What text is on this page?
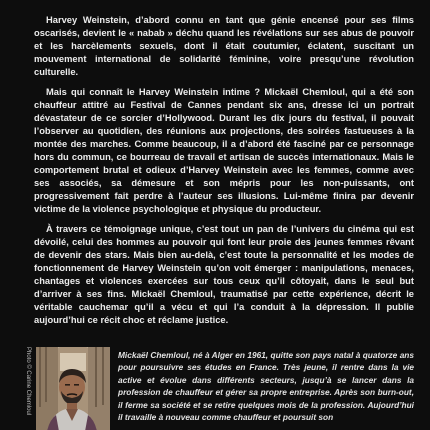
Harvey Weinstein, d’abord connu en tant que génie encensé pour ses films oscarisés, devient le « nabab » déchu quand les révélations sur ses abus de pouvoir et les harcèlements sexuels, dont il était coutumier, éclatent, suscitant un mouvement international de solidarité féminine, voire presqu’une révolution culturelle.

Mais qui connaît le Harvey Weinstein intime ? Mickaël Chemloul, qui a été son chauffeur attitré au Festival de Cannes pendant six ans, dresse ici un portrait dévastateur de ce sorcier d’Hollywood. Durant les dix jours du festival, il pouvait l’observer au quotidien, des réunions aux projections, des soirées fastueuses à la montée des marches. Comme beaucoup, il a d’abord été fasciné par ce personnage hors du commun, ce bourreau de travail et artisan de succès internationaux. Mais le comportement brutal et odieux d’Harvey Weinstein avec les femmes, comme avec ses associés, sa démesure et son mépris pour les non-puissants, ont progressivement fait perdre à l’auteur ses illusions. Lui-même finira par devenir victime de la violence psychologique et physique du producteur.

À travers ce témoignage unique, c’est tout un pan de l’univers du cinéma qui est dévoilé, celui des hommes au pouvoir qui font leur proie des jeunes femmes rêvant de devenir des stars. Mais bien au-delà, c’est toute la personnalité et les modes de fonctionnement de Harvey Weinstein qu’on voit émerger : manipulations, menaces, chantages et violences exercées sur tous ceux qu’il côtoyait, dans le seul but d’arriver à ses fins. Mickaël Chemloul, traumatisé par cette expérience, décrit le véritable cauchemar qu’il a vécu et qui l’a conduit à la dépression. Il publie aujourd’hui ce récit choc et réclame justice.

Photo © Carine Chemloul	Mickaël Chemloul, né à Alger en 1961, quitte son pays natal à quatorze ans pour poursuivre ses études en France. Très jeune, il rentre dans la vie active et évolue dans différents secteurs, jusqu’à se lancer dans la profession de chauffeur et gérer sa propre entreprise. Après son burn-out, il ferme sa société et se retire quelques mois de la profession. Aujourd’hui il travaille à nouveau comme chauffeur et poursuit son
